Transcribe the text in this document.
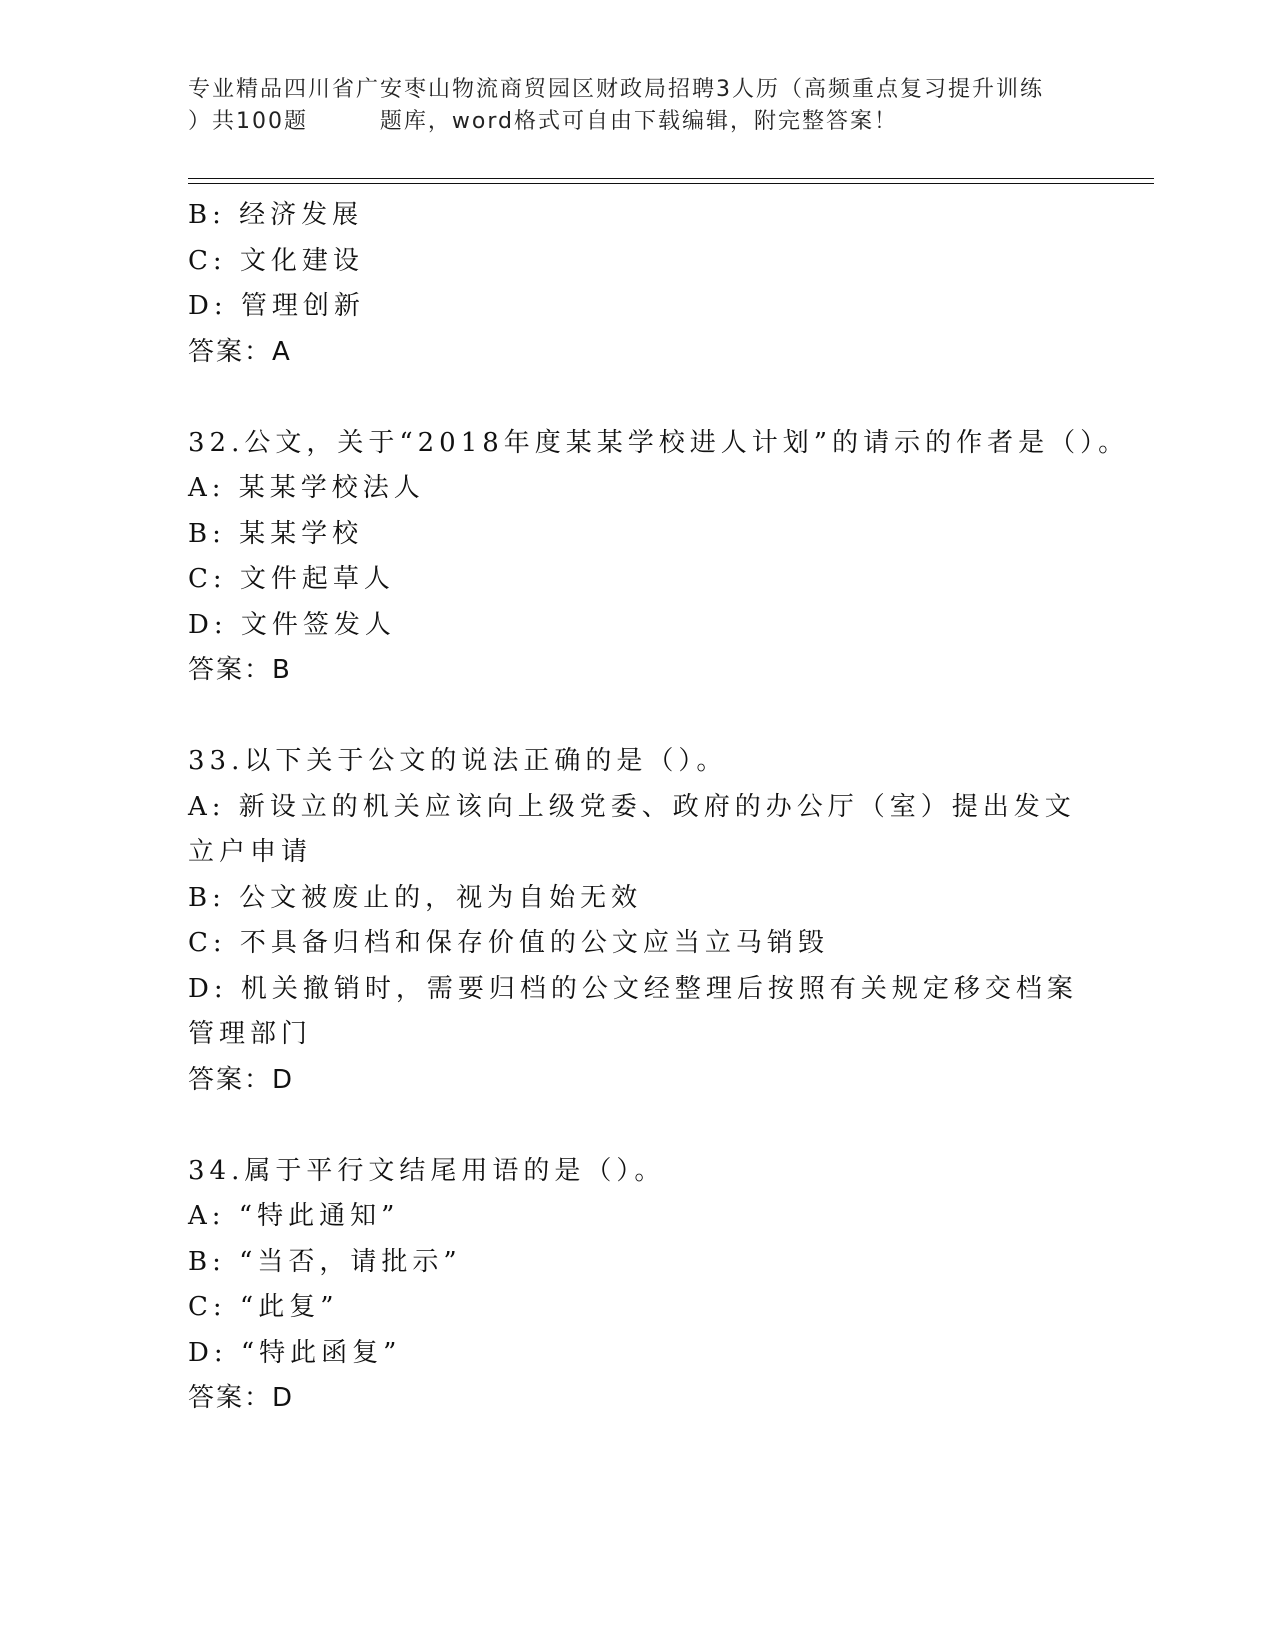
专业精品四川省广安枣山物流商贸园区财政局招聘3人历（高频重点复习提升训练
）共100题        题库，word格式可自由下载编辑，附完整答案！
B: 经济发展
C: 文化建设
D: 管理创新
答案：A
32.公文，关于“2018年度某某学校进人计划”的请示的作者是（）。
A: 某某学校法人
B: 某某学校
C: 文件起草人
D: 文件签发人
答案：B
33.以下关于公文的说法正确的是（）。
A: 新设立的机关应该向上级党委、政府的办公厅（室）提出发文立户申请
B: 公文被废止的，视为自始无效
C: 不具备归档和保存价值的公文应当立马销毁
D: 机关撤销时，需要归档的公文经整理后按照有关规定移交档案管理部门
答案：D
34.属于平行文结尾用语的是（）。
A: “特此通知”
B: “当否，请批示”
C: “此复”
D: “特此函复”
答案：D
